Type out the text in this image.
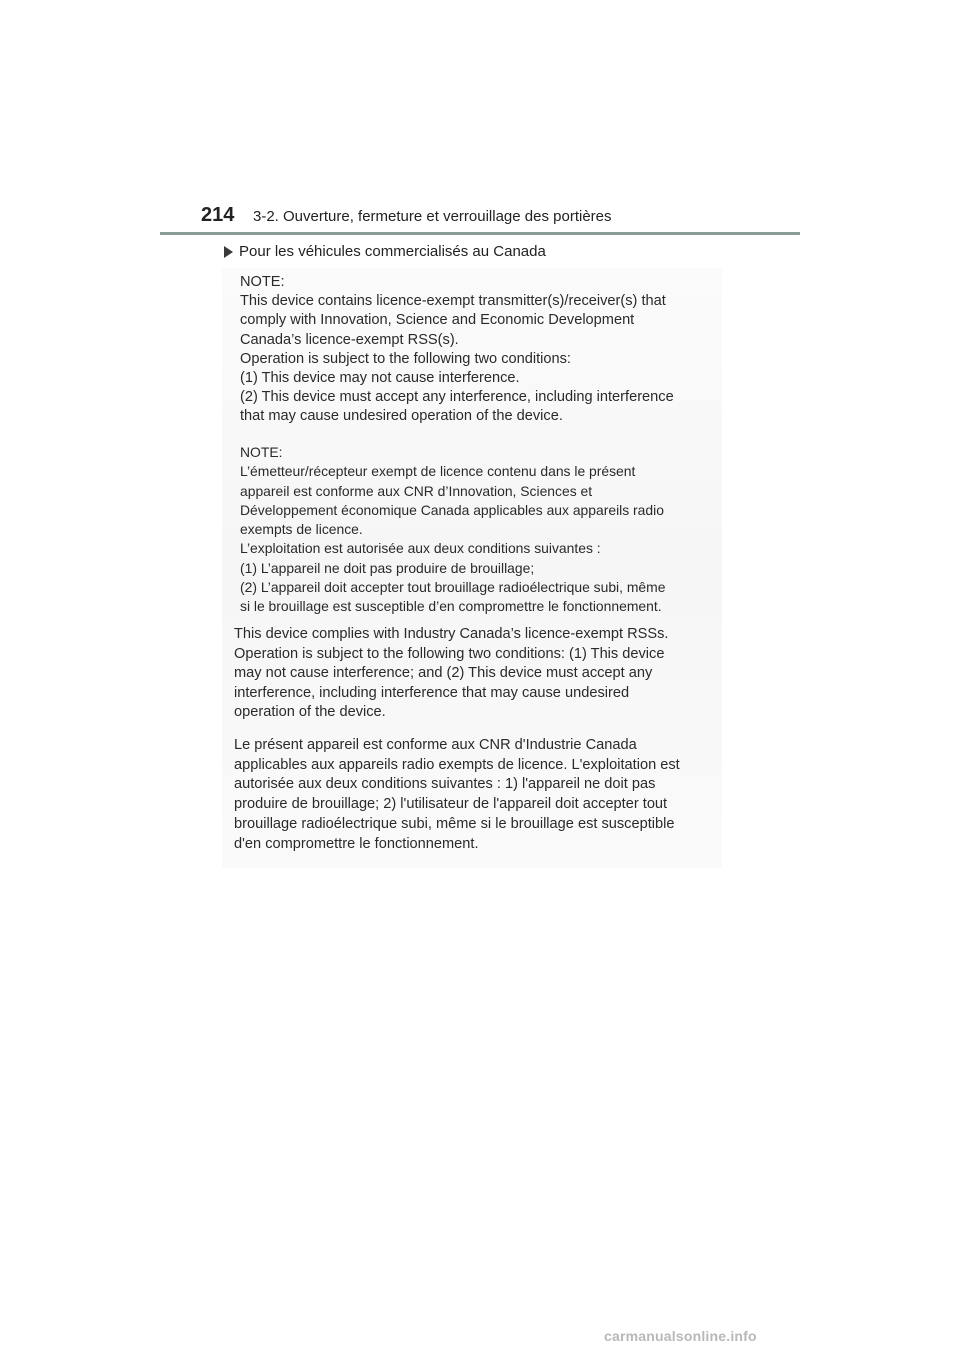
214 3-2. Ouverture, fermeture et verrouillage des portières
Pour les véhicules commercialisés au Canada
NOTE:
This device contains licence-exempt transmitter(s)/receiver(s) that
comply with Innovation, Science and Economic Development
Canada’s licence-exempt RSS(s).
Operation is subject to the following two conditions:
(1) This device may not cause interference.
(2) This device must accept any interference, including interference
that may cause undesired operation of the device.
NOTE:
L’émetteur/récepteur exempt de licence contenu dans le présent
appareil est conforme aux CNR d’Innovation, Sciences et
Développement économique Canada applicables aux appareils radio
exempts de licence.
L’exploitation est autorisée aux deux conditions suivantes :
(1) L’appareil ne doit pas produire de brouillage;
(2) L’appareil doit accepter tout brouillage radioélectrique subi, même
si le brouillage est susceptible d’en compromettre le fonctionnement.
This device complies with Industry Canada’s licence-exempt RSSs.
Operation is subject to the following two conditions: (1) This device
may not cause interference; and (2) This device must accept any
interference, including interference that may cause undesired
operation of the device.
Le présent appareil est conforme aux CNR d'Industrie Canada
applicables aux appareils radio exempts de licence. L'exploitation est
autorisée aux deux conditions suivantes : 1) l'appareil ne doit pas
produire de brouillage; 2) l'utilisateur de l'appareil doit accepter tout
brouillage radioélectrique subi, même si le brouillage est susceptible
d'en compromettre le fonctionnement.
carmanualsonline.info
